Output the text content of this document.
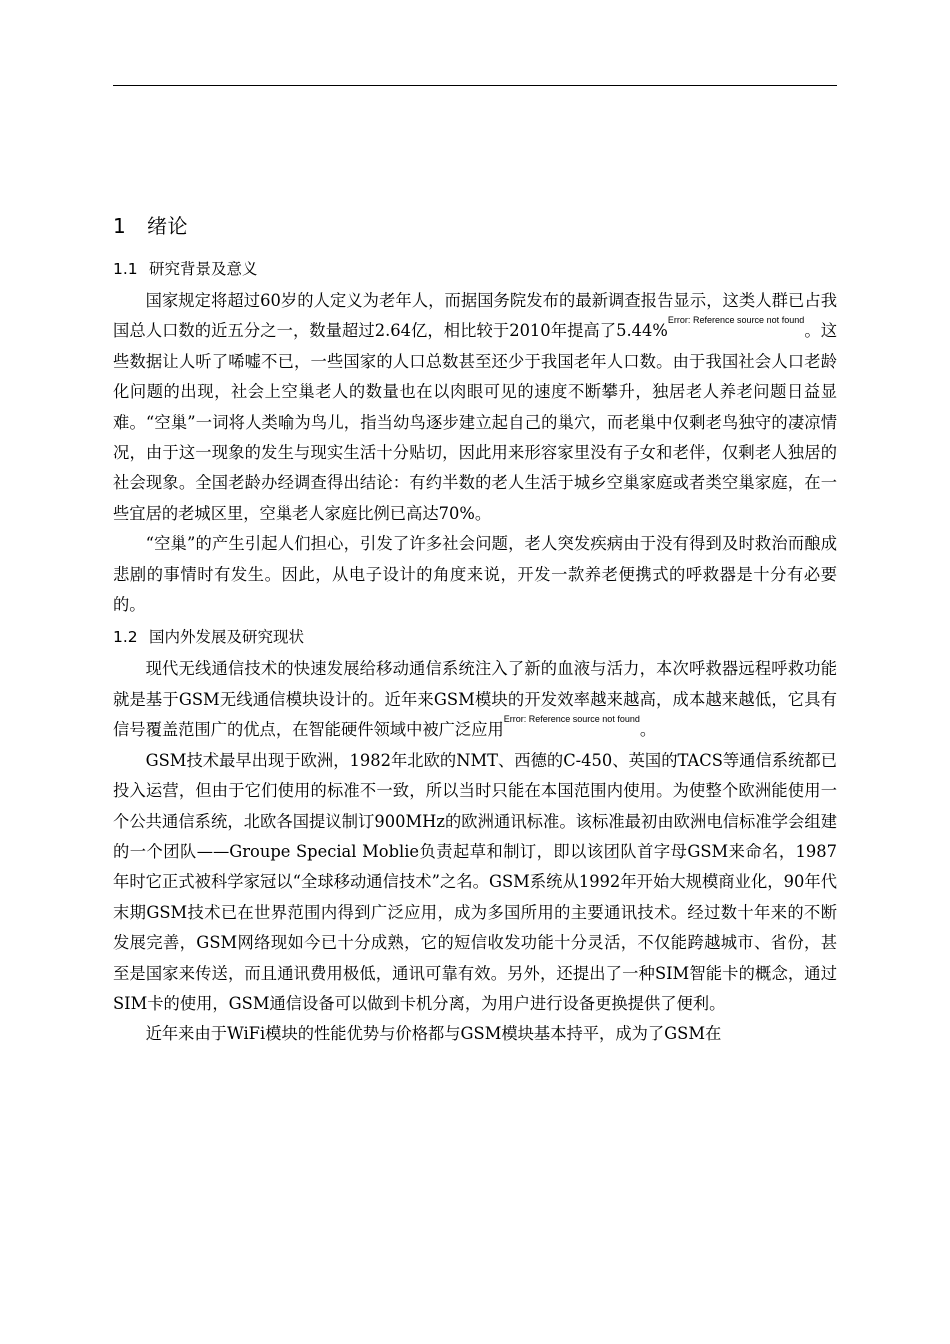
1 绪论
1.1 研究背景及意义

国家规定将超过60岁的人定义为老年人，而据国务院发布的最新调查报告显示，这类人群已占我国总人口数的近五分之一，数量超过2.64亿，相比较于2010年提高了5.44%$^{Error: Reference source not found}$。这些数据让人听了唏嘘不已，一些国家的人口总数甚至还少于我国老年人口数。由于我国社会人口老龄化问题的出现，社会上空巢老人的数量也在以肉眼可见的速度不断攀升，独居老人养老问题日益显难。“空巢”一词将人类喻为鸟儿，指当幼鸟逐步建立起自己的巢穴，而老巢中仅剩老鸟独守的凄凉情况，由于这一现象的发生与现实生活十分贴切，因此用来形容家里没有子女和老伴，仅剩老人独居的社会现象。全国老龄办经调查得出结论：有约半数的老人生活于城乡空巢家庭或者类空巢家庭，在一些宜居的老城区里，空巢老人家庭比例已高达70%。

“空巢”的产生引起人们担心，引发了许多社会问题，老人突发疾病由于没有得到及时救治而酿成悲剧的事情时有发生。因此，从电子设计的角度来说，开发一款养老便携式的呼救器是十分有必要的。

1.2 国内外发展及研究现状

现代无线通信技术的快速发展给移动通信系统注入了新的血液与活力，本次呼救器远程呼救功能就是基于GSM无线通信模块设计的。近年来GSM模块的开发效率越来越高，成本越来越低，它具有信号覆盖范围广的优点，在智能硬件领域中被广泛应用$^{Error: Reference source not found}$。

GSM技术最早出现于欧洲，1982年北欧的NMT、西德的C-450、英国的TACS等通信系统都已投入运营，但由于它们使用的标准不一致，所以当时只能在本国范围内使用。为使整个欧洲能使用一个公共通信系统，北欧各国提议制订900MHz的欧洲通讯标准。该标准最初由欧洲电信标准学会组建的一个团队——Groupe Special Moblie负责起草和制订，即以该团队首字母GSM来命名，1987年时它正式被科学家冠以“全球移动通信技术”之名。GSM系统从1992年开始大规模商业化，90年代末期GSM技术已在世界范围内得到广泛应用，成为多国所用的主要通讯技术。经过数十年来的不断发展完善，GSM网络现如今已十分成熟，它的短信收发功能十分灵活，不仅能跨越城市、省份，甚至是国家来传送，而且通讯费用极低，通讯可靠有效。另外，还提出了一种SIM智能卡的概念，通过SIM卡的使用，GSM通信设备可以做到卡机分离，为用户进行设备更换提供了便利。

近年来由于WiFi模块的性能优势与价格都与GSM模块基本持平，成为了GSM在
